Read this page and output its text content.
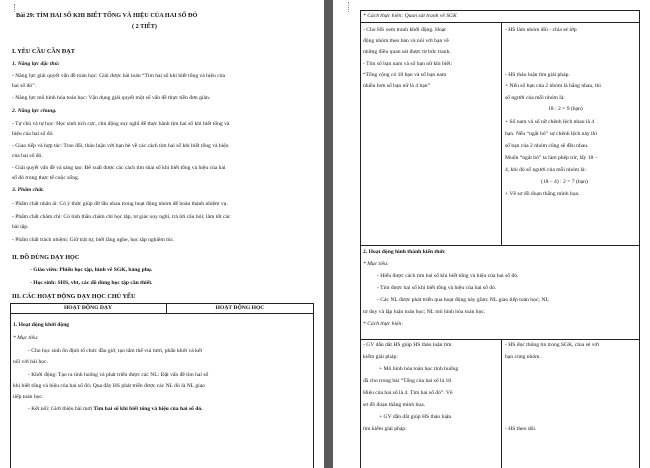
Bài 29: TÌM HAI SỐ KHI BIẾT TỔNG VÀ HIỆU CỦA HAI SỐ ĐÓ
( 2 TIẾT)
I. YÊU CẦU CẦN ĐẠT
1. Năng lực đặc thù:
- Năng lực giải quyết vấn đề toán học: Giải được bài toán “Tìm hai số khi biết tổng và hiệu của
hai số đó”.
- Năng lực mô hình hóa toán học: Vận dụng giải quyết một số vấn đề thực tiễn đơn giản.
2. Năng lực chung.
- Tự chủ và tự học: Học sinh tích cực, chủ động suy nghĩ để thực hành tìm hai số khi biết tổng và
hiệu của hai số đó.
- Giao tiếp và hợp tác: Trao đổi, thảo luận với bạn bè về các cách tìm hai số khi biết tổng và hiệu
của hai số đó.
- Giải quyết vấn đề và sáng tạo: Để xuất được các cách tìm shai số khi biết tổng và hiệu của hai
số đó trong thực tế cuộc sống.
3. Phẩm chất.
- Phẩm chất nhân ái: Có ý thức giúp đỡ lẫn nhau trong hoạt động nhóm để hoàn thành nhiệm vụ.
- Phẩm chất chăm chỉ: Có tinh thần chăm chỉ học tập, tư giác suy nghĩ, trả lời câu hỏi; làm tốt các
bài tập.
- Phẩm chất trách nhiệm: Giữ trật tự, biết lắng nghe, học tập nghiêm túc.
II. ĐỒ DÙNG DẠY HỌC
- Giáo viên: Phiếu học tập, hình vẽ SGK, bảng phụ.
- Học sinh: SHS, vbt, các đồ dùng học tập cần thiết.
III. CÁC HOẠT ĐỘNG DẠY HỌC CHỦ YẾU
HOẠT ĐỘNG DẠY	HOẠT ĐỘNG HỌC
1. Hoạt động khởi động
* Mục tiêu:
- Cho học sinh ổn định tổ chức đầu giờ, tạo tâm thế vui tươi, phấn khởi và kết
nối với bài học.
- Khởi động: Tạo ra tình huống và phát triển được các NL: Đặt vấn đề tìm hai số
khi biết tổng và hiệu của hai số đó; Qua đây HS phát triển được các NL đó là NL giao
tiếp toán học.
- Kết nối: Giới thiệu bài mới Tìm hai số khi biết tổng và hiệu của hai số đó.
* Cách thực hiện: Quan sát tranh vẽ SGK
- Cho HS xem tranh khởi động. Hoạt
động nhóm theo bàn và nói với bạn về
những điều quan sát được từ bức tranh.
- Tìm số bạn nam và số bạn nữ khi biết:
“Tổng cộng có 18 bạn và số bạn nam
nhiều hơn số bạn nữ là 4 bạn”
- HS làm nhóm đôi - chia sẻ lớp
- HS thảo luận tìm giải pháp.
+ Nếu số bạn của 2 nhóm là bằng nhau, thì
số người của mỗi nhóm là:
18 : 2 = 9 (bạn)
+ Số nam và số nữ chênh lệch nhau là 4
bạn. Nếu “ngắt bỏ” sự chênh lệch này thì
số bạn của 2 nhóm cũng sẽ đều nhau.
Muốn “ngắt bỏ” ta làm phép trừ, lấy 18 –
4, khi đó số người của mỗi nhóm là:
(18 – 4) : 2 = 7 (bạn)
+ Vẽ sơ đồ đoạn thẳng minh họa.
2. Hoạt động hình thành kiến thức
* Mục tiêu:
- Hiểu được cách tìm hai số khi biết tổng và hiệu của hai số đó.
- Tìm được hai số khi biết tổng và hiệu của hai số đó.
- Các NL được phát triển qua hoạt động này gồm: NL giao tiếp toán học; NL
tư duy và lập luận toán học; NL mô hình hóa toán học.
* Cách thực hiện:
- GV dẫn dắt HS giúp HS thảo luận tìm
kiếm giải pháp:
+ Mô hình hóa toán học tình huống
đã cho trong bài “Tổng của hai số là 18.
Hiệu của hai số là 4. Tìm hai số đó”. Vẽ
sơ đồ đoạn thẳng minh họa.
+ GV dẫn dắt giúp HS thảo luận
tìm kiếm giải pháp:
- HS đọc thông tin trong SGK, chia sẻ với
bạn cùng nhóm.
- HS theo dõi.
